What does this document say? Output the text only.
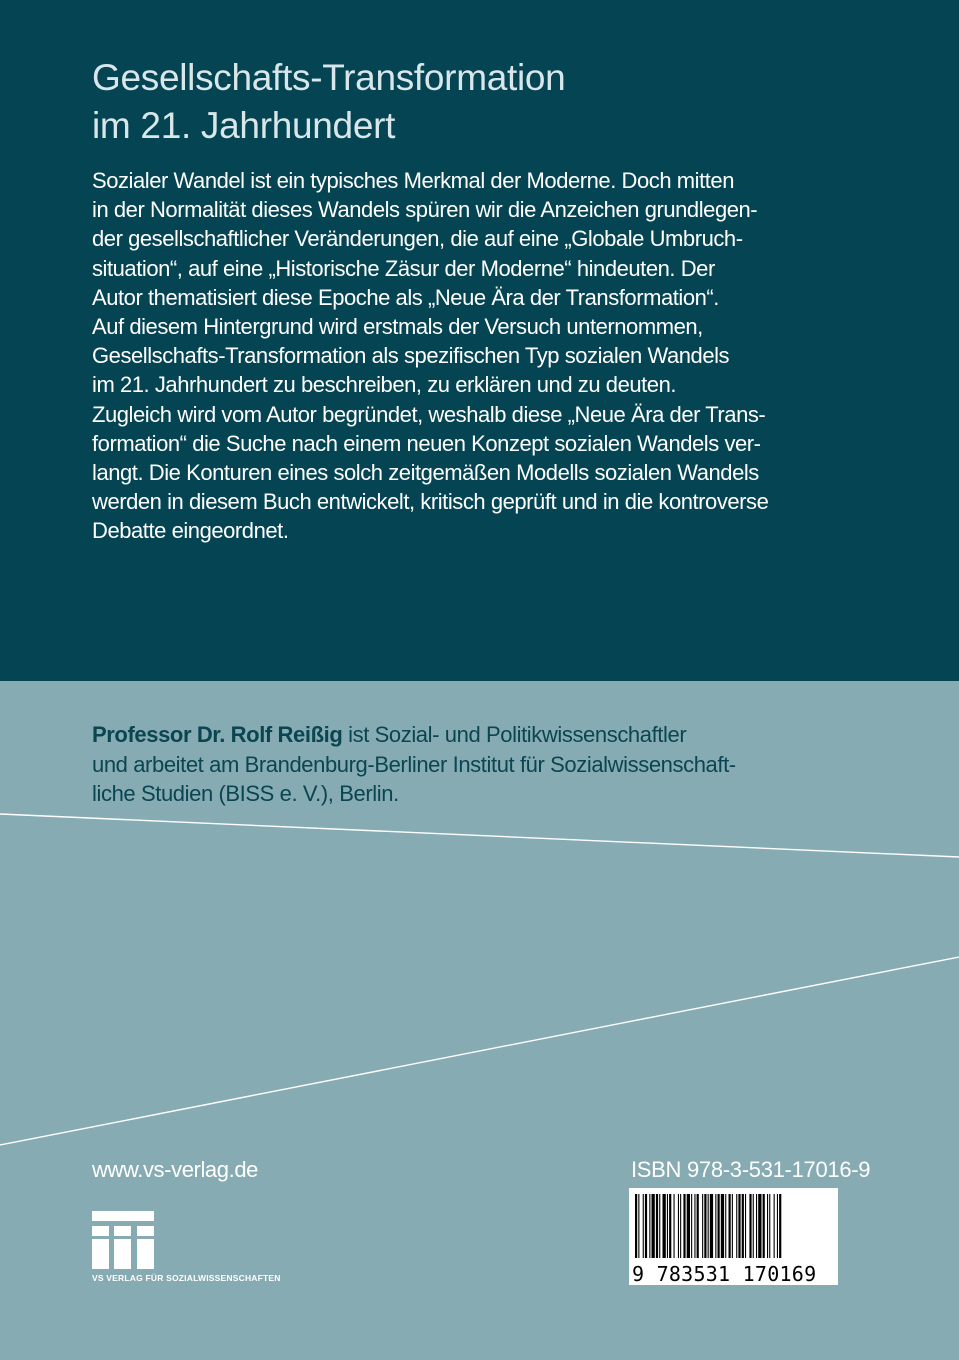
Gesellschafts-Transformation
im 21. Jahrhundert
Sozialer Wandel ist ein typisches Merkmal der Moderne. Doch mitten
in der Normalität dieses Wandels spüren wir die Anzeichen grundlegen-
der gesellschaftlicher Veränderungen, die auf eine „Globale Umbruch-
situation“, auf eine „Historische Zäsur der Moderne“ hindeuten. Der
Autor thematisiert diese Epoche als „Neue Ära der Transformation“.
Auf diesem Hintergrund wird erstmals der Versuch unternommen,
Gesellschafts-Transformation als spezifischen Typ sozialen Wandels
im 21. Jahrhundert zu beschreiben, zu erklären und zu deuten.
Zugleich wird vom Autor begründet, weshalb diese „Neue Ära der Trans-
formation“ die Suche nach einem neuen Konzept sozialen Wandels ver-
langt. Die Konturen eines solch zeitgemäßen Modells sozialen Wandels
werden in diesem Buch entwickelt, kritisch geprüft und in die kontroverse
Debatte eingeordnet.
Professor Dr. Rolf Reißig ist Sozial- und Politikwissenschaftler
und arbeitet am Brandenburg-Berliner Institut für Sozialwissenschaft-
liche Studien (BISS e. V.), Berlin.

www.vs-verlag.de

VS VERLAG FÜR SOZIALWISSENSCHAFTEN

ISBN 978-3-531-17016-9

9 783531 170169
